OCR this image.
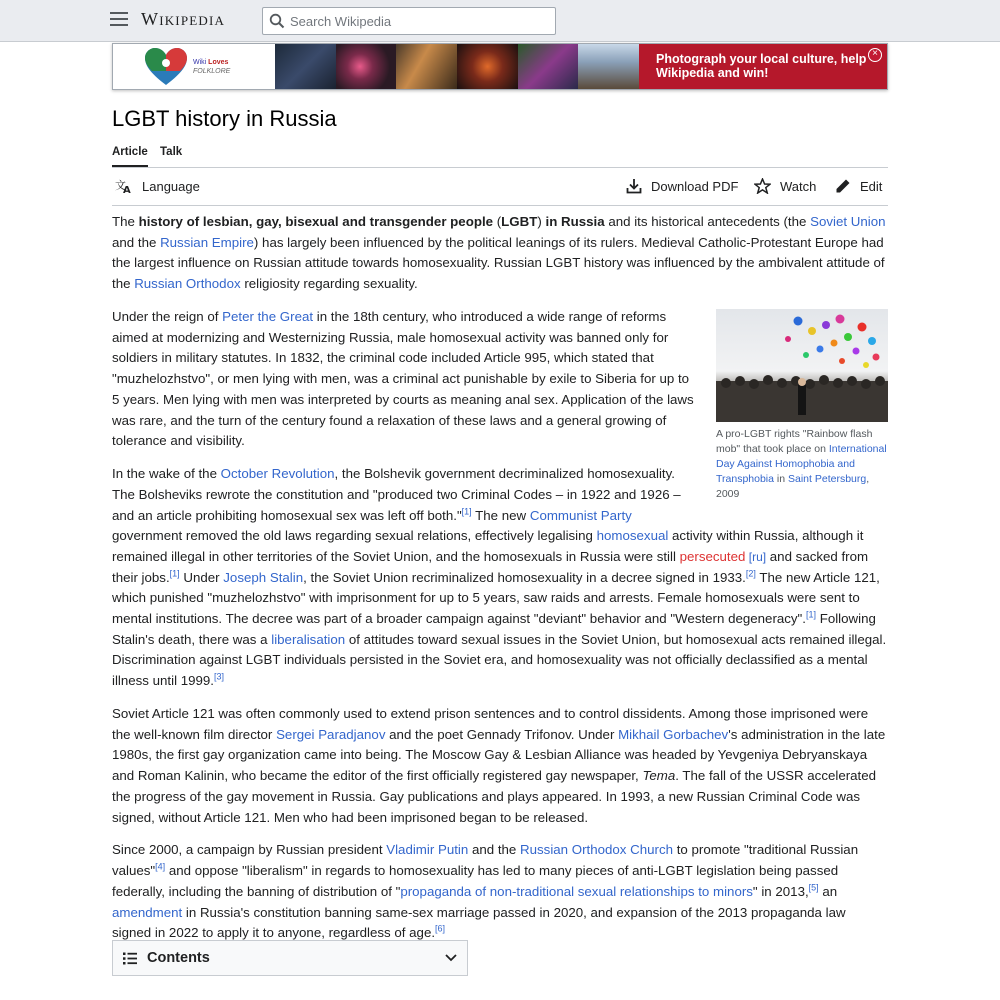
Wikipedia	Search Wikipedia
Wiki Loves
FOLKLORE
Photograph your local culture, help Wikipedia and win!
×
LGBT history in Russia
Article Talk
文
A Language	Download PDF	Watch	Edit

The history of lesbian, gay, bisexual and transgender people (LGBT) in Russia and its historical antecedents (the Soviet Union and the Russian Empire) has largely been influenced by the political leanings of its rulers. Medieval Catholic-Protestant Europe had the largest influence on Russian attitude towards homosexuality. Russian LGBT history was influenced by the ambivalent attitude of the Russian Orthodox religiosity regarding sexuality.

A pro-LGBT rights "Rainbow flash mob" that took place on International Day Against Homophobia and Transphobia in Saint Petersburg, 2009

Under the reign of Peter the Great in the 18th century, who introduced a wide range of reforms aimed at modernizing and Westernizing Russia, male homosexual activity was banned only for soldiers in military statutes. In 1832, the criminal code included Article 995, which stated that "muzhelozhstvo", or men lying with men, was a criminal act punishable by exile to Siberia for up to 5 years. Men lying with men was interpreted by courts as meaning anal sex. Application of the laws was rare, and the turn of the century found a relaxation of these laws and a general growing of tolerance and visibility.

In the wake of the October Revolution, the Bolshevik government decriminalized homosexuality. The Bolsheviks rewrote the constitution and "produced two Criminal Codes – in 1922 and 1926 – and an article prohibiting homosexual sex was left off both."[1] The new Communist Party government removed the old laws regarding sexual relations, effectively legalising homosexual activity within Russia, although it remained illegal in other territories of the Soviet Union, and the homosexuals in Russia were still persecuted [ru] and sacked from their jobs.[1] Under Joseph Stalin, the Soviet Union recriminalized homosexuality in a decree signed in 1933.[2] The new Article 121, which punished "muzhelozhstvo" with imprisonment for up to 5 years, saw raids and arrests. Female homosexuals were sent to mental institutions. The decree was part of a broader campaign against "deviant" behavior and "Western degeneracy".[1] Following Stalin's death, there was a liberalisation of attitudes toward sexual issues in the Soviet Union, but homosexual acts remained illegal. Discrimination against LGBT individuals persisted in the Soviet era, and homosexuality was not officially declassified as a mental illness until 1999.[3]

Soviet Article 121 was often commonly used to extend prison sentences and to control dissidents. Among those imprisoned were the well-known film director Sergei Paradjanov and the poet Gennady Trifonov. Under Mikhail Gorbachev's administration in the late 1980s, the first gay organization came into being. The Moscow Gay & Lesbian Alliance was headed by Yevgeniya Debryanskaya and Roman Kalinin, who became the editor of the first officially registered gay newspaper, Tema. The fall of the USSR accelerated the progress of the gay movement in Russia. Gay publications and plays appeared. In 1993, a new Russian Criminal Code was signed, without Article 121. Men who had been imprisoned began to be released.

Since 2000, a campaign by Russian president Vladimir Putin and the Russian Orthodox Church to promote "traditional Russian values"[4] and oppose "liberalism" in regards to homosexuality has led to many pieces of anti-LGBT legislation being passed federally, including the banning of distribution of "propaganda of non-traditional sexual relationships to minors" in 2013,[5] an amendment in Russia's constitution banning same-sex marriage passed in 2020, and expansion of the 2013 propaganda law signed in 2022 to apply it to anyone, regardless of age.[6]

Contents
